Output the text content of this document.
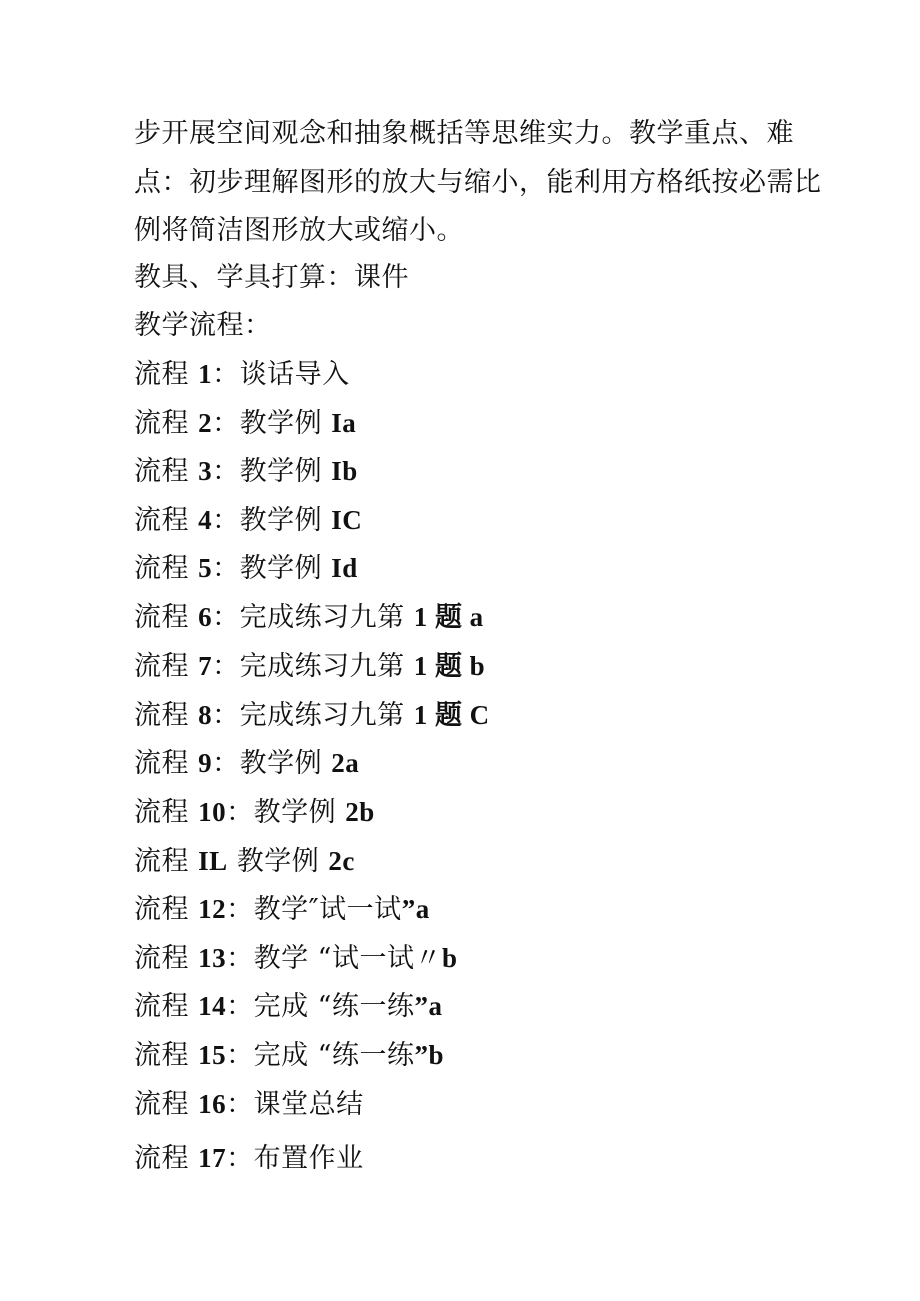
步开展空间观念和抽象概括等思维实力。教学重点、难点：初步理解图形的放大与缩小，能利用方格纸按必需比例将简洁图形放大或缩小。

教具、学具打算：课件
教学流程：
流程 1：谈话导入
流程 2：教学例 Ia
流程 3：教学例 Ib
流程 4：教学例 IC
流程 5：教学例 Id
流程 6：完成练习九第 1 题 a
流程 7：完成练习九第 1 题 b
流程 8：完成练习九第 1 题 C
流程 9：教学例 2a
流程 10：教学例 2b
流程 IL 教学例 2c
流程 12：教学″试一试”a
流程 13：教学 “试一试〃b
流程 14：完成 “练一练”a
流程 15：完成 “练一练”b
流程 16：课堂总结
流程 17：布置作业
